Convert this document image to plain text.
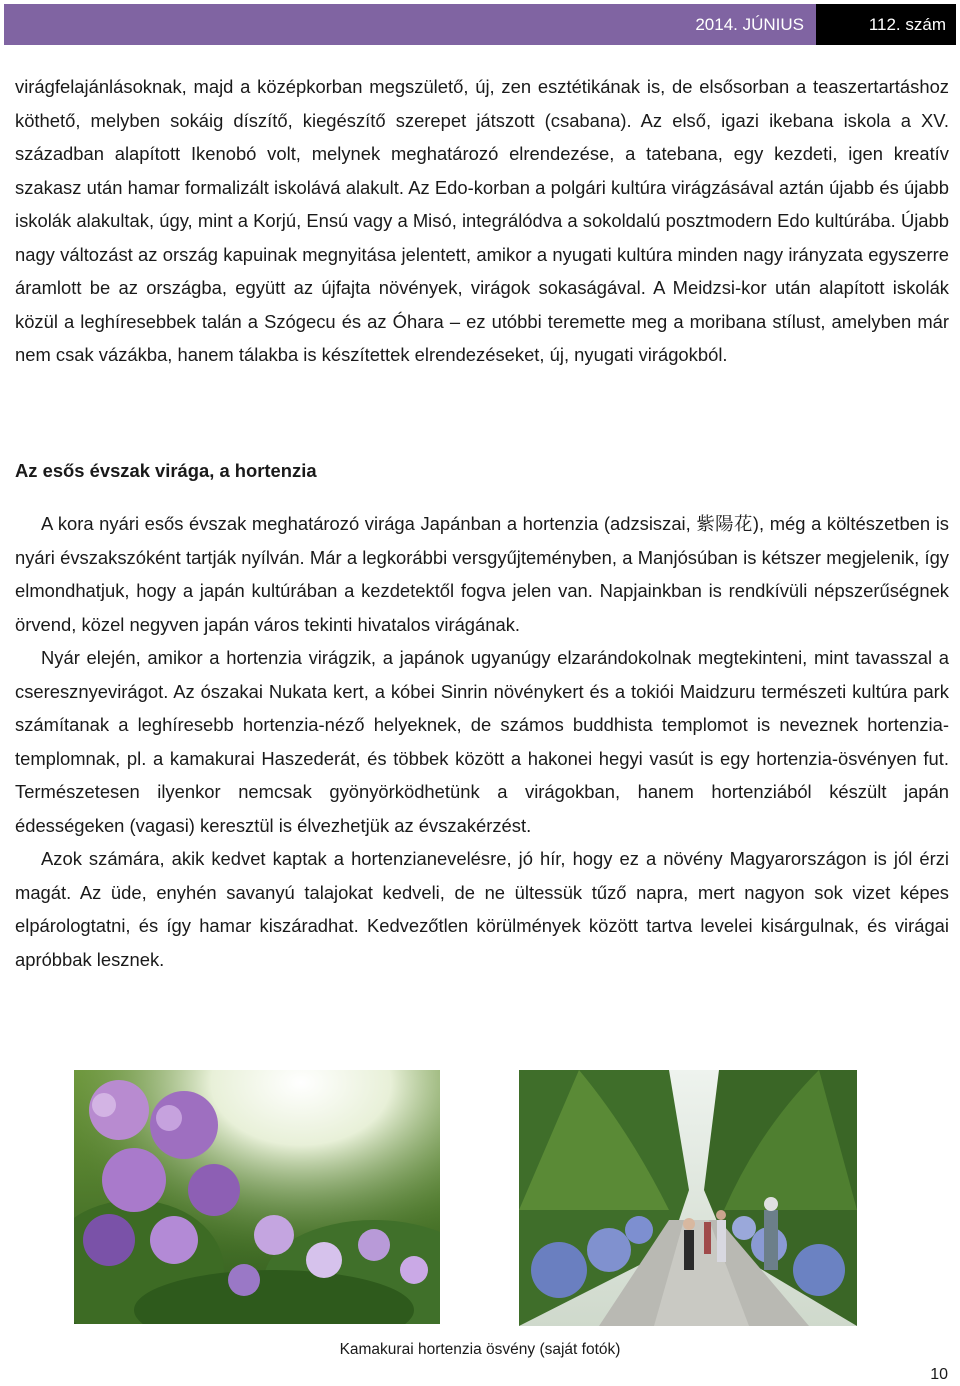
2014. JÚNIUS	112. szám

virágfelajánlásoknak, majd a középkorban megszülető, új, zen esztétikának is, de elsősorban a teaszertartáshoz köthető, melyben sokáig díszítő, kiegészítő szerepet játszott (csabana). Az első, igazi ikebana iskola a XV. században alapított Ikenobó volt, melynek meghatározó elrendezése, a tatebana, egy kezdeti, igen kreatív szakasz után hamar formalizált iskolává alakult. Az Edo-korban a polgári kultúra virágzásával aztán újabb és újabb iskolák alakultak, úgy, mint a Korjú, Ensú vagy a Misó, integrálódva a sokoldalú posztmodern Edo kultúrába. Újabb nagy változást az ország kapuinak megnyitása jelentett, amikor a nyugati kultúra minden nagy irányzata egyszerre áramlott be az országba, együtt az újfajta növények, virágok sokaságával. A Meidzsi-kor után alapított iskolák közül a leghíresebbek talán a Szógecu és az Óhara – ez utóbbi teremette meg a moribana stílust, amelyben már nem csak vázákba, hanem tálakba is készítettek elrendezéseket, új, nyugati virágokból.

Az esős évszak virága, a hortenzia

A kora nyári esős évszak meghatározó virága Japánban a hortenzia (adzsiszai, 紫陽花), még a költészetben is nyári évszakszóként tartják nyílván. Már a legkorábbi versgyűjteményben, a Manjósúban is kétszer megjelenik, így elmondhatjuk, hogy a japán kultúrában a kezdetektől fogva jelen van. Napjainkban is rendkívüli népszerűségnek örvend, közel negyven japán város tekinti hivatalos virágának.

Nyár elején, amikor a hortenzia virágzik, a japánok ugyanúgy elzarándokolnak megtekinteni, mint tavasszal a cseresznyevirágot. Az ószakai Nukata kert, a kóbei Sinrin növénykert és a tokiói Maidzuru természeti kultúra park számítanak a leghíresebb hortenzia-néző helyeknek, de számos buddhista templomot is neveznek hortenzia-templomnak, pl. a kamakurai Haszederát, és többek között a hakonei hegyi vasút is egy hortenzia-ösvényen fut. Természetesen ilyenkor nemcsak gyönyörködhetünk a virágokban, hanem hortenziából készült japán édességeken (vagasi) keresztül is élvezhetjük az évszakérzést.

Azok számára, akik kedvet kaptak a hortenzianevelésre, jó hír, hogy ez a növény Magyarországon is jól érzi magát. Az üde, enyhén savanyú talajokat kedveli, de ne ültessük tűző napra, mert nagyon sok vizet képes elpárologtatni, és így hamar kiszáradhat. Kedvezőtlen körülmények között tartva levelei kisárgulnak, és virágai apróbbak lesznek.

Kamakurai hortenzia ösvény (saját fotók)
10
